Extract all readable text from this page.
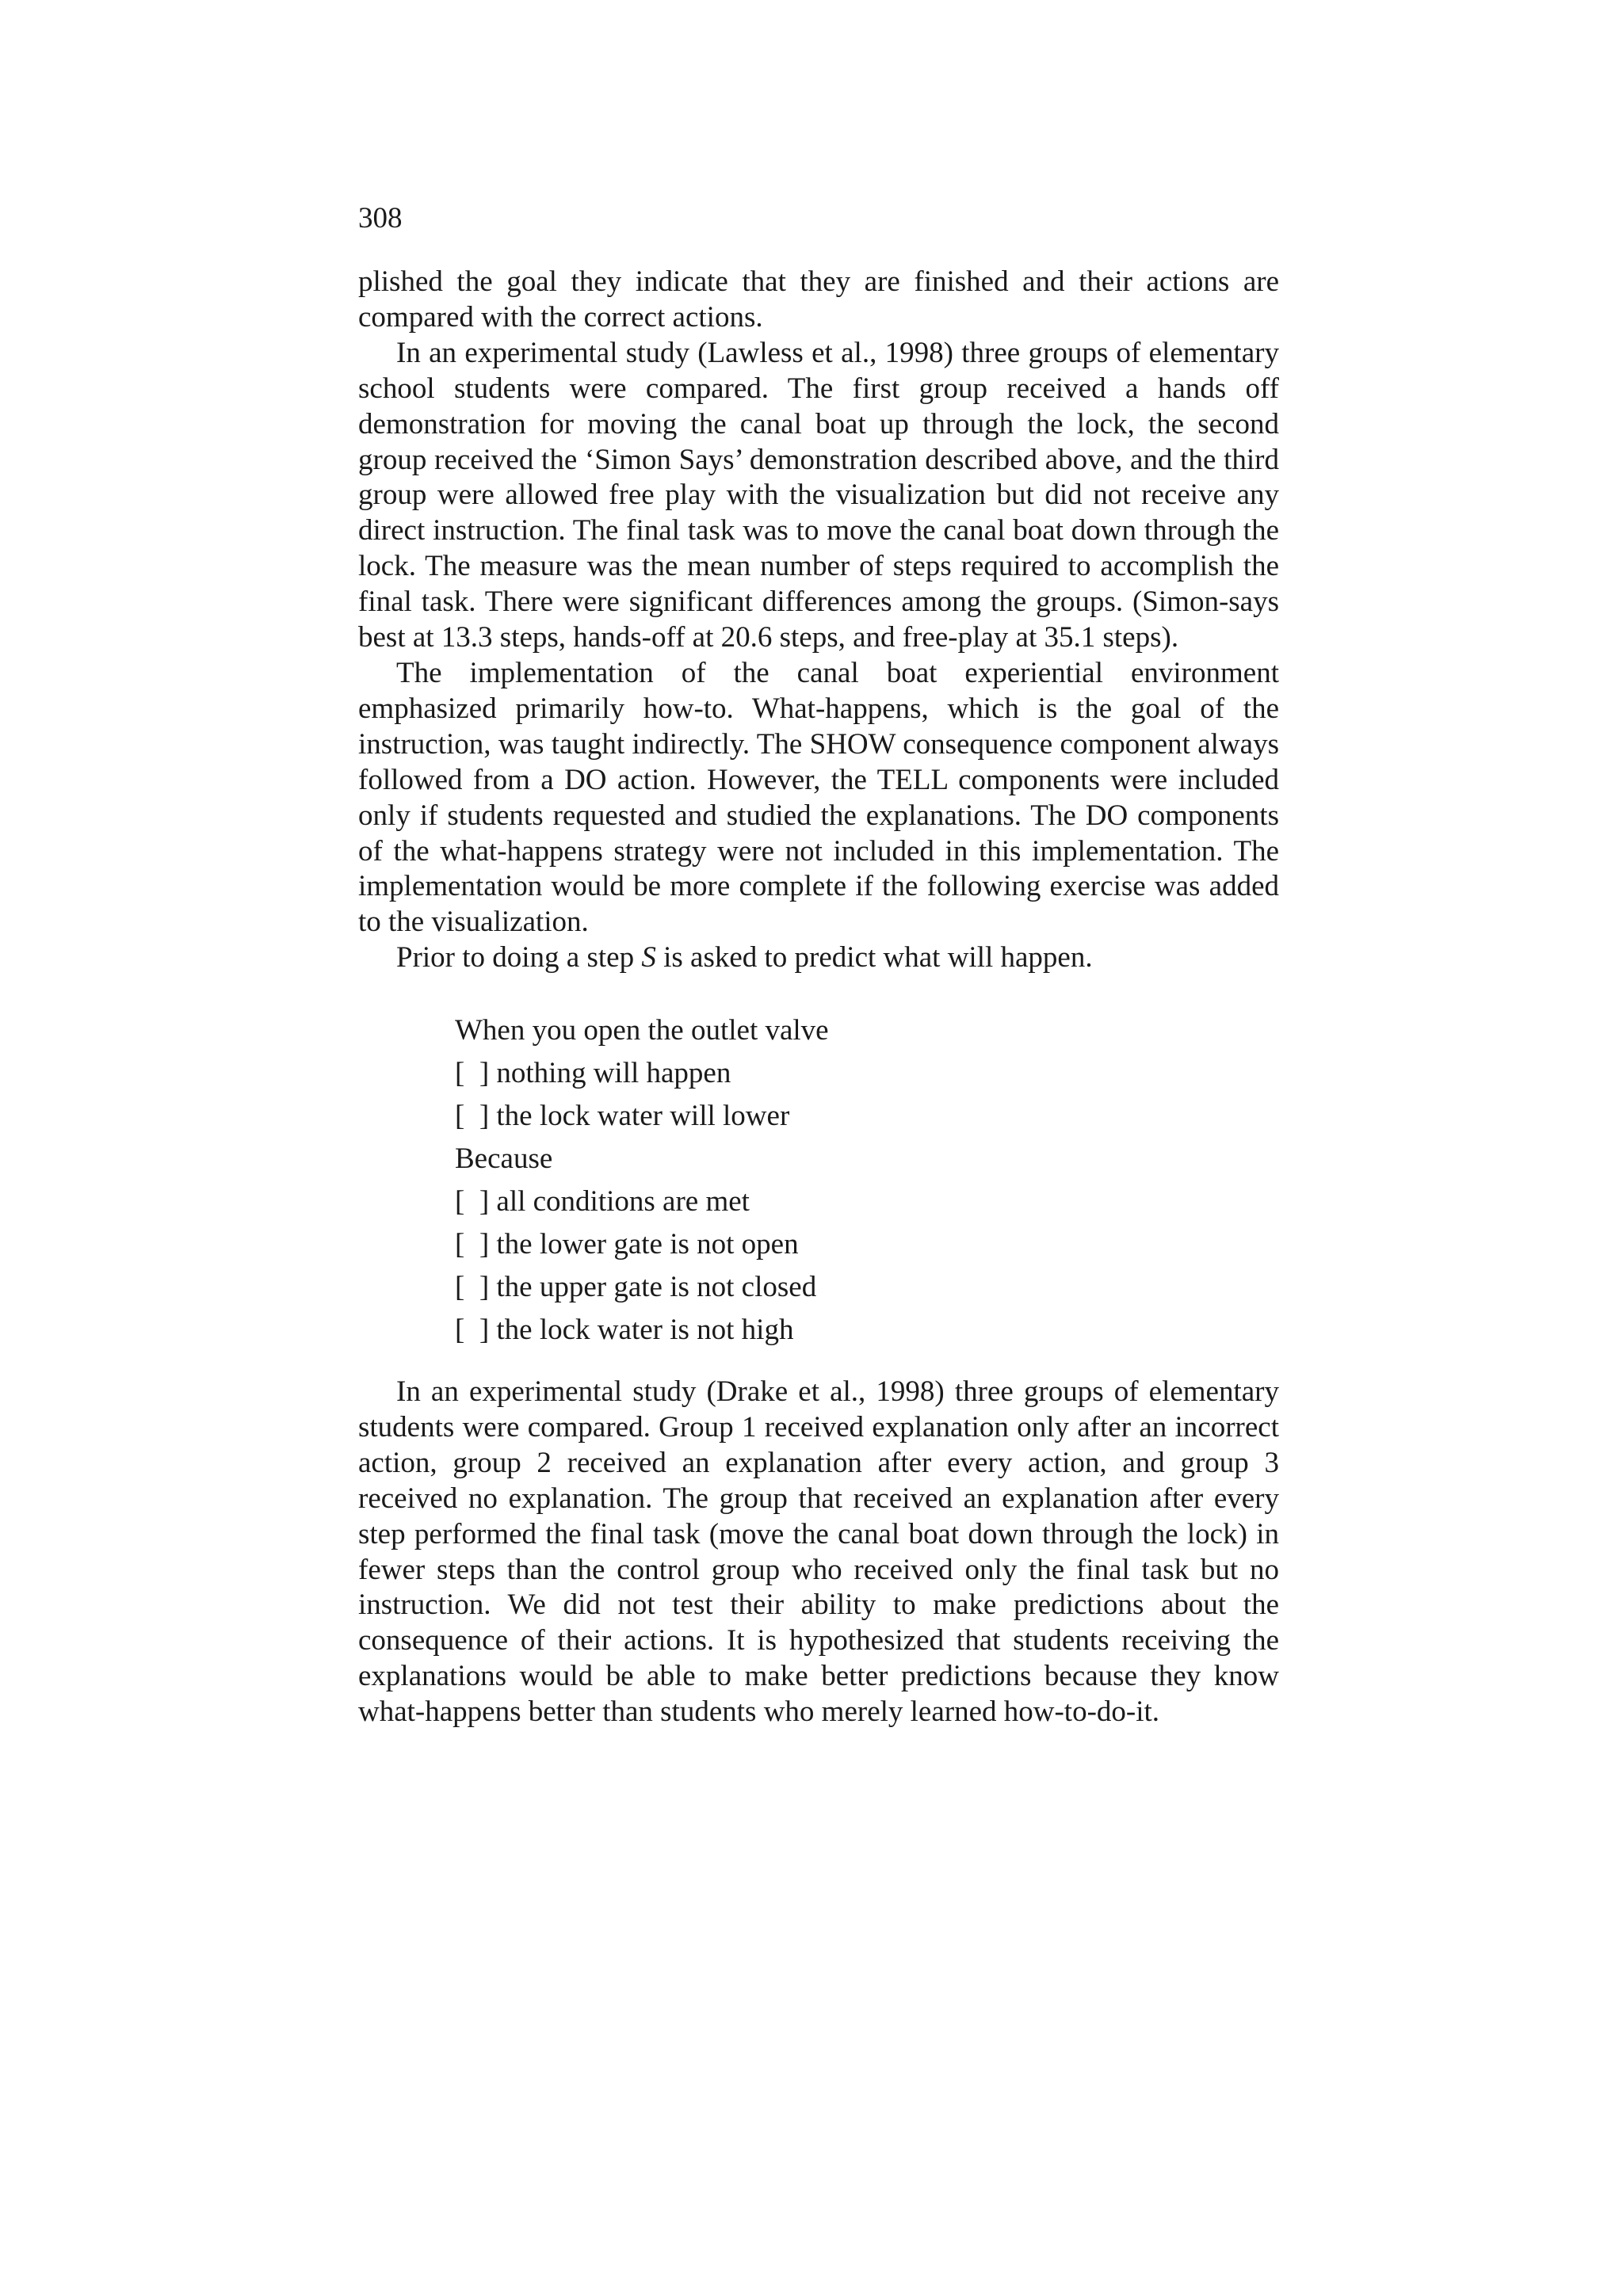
308

plished the goal they indicate that they are finished and their actions are compared with the correct actions.

In an experimental study (Lawless et al., 1998) three groups of elementary school students were compared. The first group received a hands off demonstration for moving the canal boat up through the lock, the second group received the ‘Simon Says’ demonstration described above, and the third group were allowed free play with the visualization but did not receive any direct instruction. The final task was to move the canal boat down through the lock. The measure was the mean number of steps required to accomplish the final task. There were significant differences among the groups. (Simon-says best at 13.3 steps, hands-off at 20.6 steps, and free-play at 35.1 steps).

The implementation of the canal boat experiential environment emphasized primarily how-to. What-happens, which is the goal of the instruction, was taught indirectly. The SHOW consequence component always followed from a DO action. However, the TELL components were included only if students requested and studied the explanations. The DO components of the what-happens strategy were not included in this implementation. The implementation would be more complete if the following exercise was added to the visualization.

Prior to doing a step S is asked to predict what will happen.

When you open the outlet valve
[  ] nothing will happen
[  ] the lock water will lower
Because
[  ] all conditions are met
[  ] the lower gate is not open
[  ] the upper gate is not closed
[  ] the lock water is not high

In an experimental study (Drake et al., 1998) three groups of elementary students were compared. Group 1 received explanation only after an incorrect action, group 2 received an explanation after every action, and group 3 received no explanation. The group that received an explanation after every step performed the final task (move the canal boat down through the lock) in fewer steps than the control group who received only the final task but no instruction. We did not test their ability to make predictions about the consequence of their actions. It is hypothesized that students receiving the explanations would be able to make better predictions because they know what-happens better than students who merely learned how-to-do-it.
